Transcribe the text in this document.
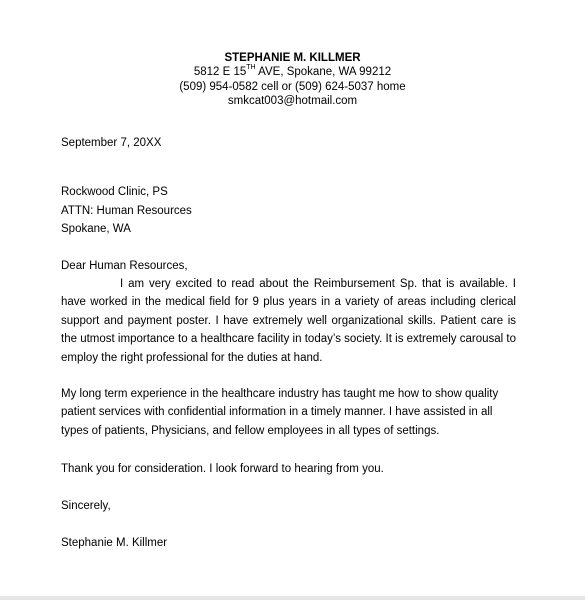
STEPHANIE M. KILLMER
5812 E 15TH AVE, Spokane, WA 99212
(509) 954-0582 cell or (509) 624-5037 home
smkcat003@hotmail.com
September 7, 20XX
Rockwood Clinic, PS
ATTN: Human Resources
Spokane, WA
Dear Human Resources,
I am very excited to read about the Reimbursement Sp. that is available. I have worked in the medical field for 9 plus years in a variety of areas including clerical support and payment poster. I have extremely well organizational skills. Patient care is the utmost importance to a healthcare facility in today’s society. It is extremely carousal to employ the right professional for the duties at hand.
My long term experience in the healthcare industry has taught me how to show quality patient services with confidential information in a timely manner. I have assisted in all types of patients, Physicians, and fellow employees in all types of settings.
Thank you for consideration. I look forward to hearing from you.
Sincerely,
Stephanie M. Killmer
